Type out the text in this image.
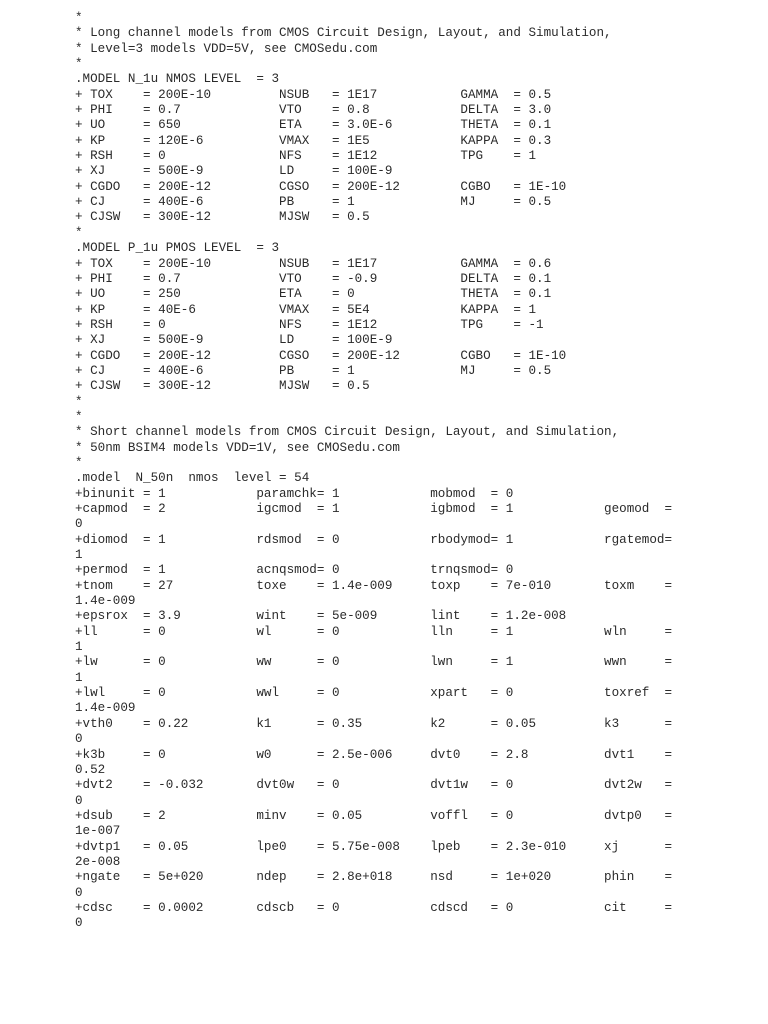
*
* Long channel models from CMOS Circuit Design, Layout, and Simulation,
* Level=3 models VDD=5V, see CMOSedu.com
*
.MODEL N_1u NMOS LEVEL  = 3
+ TOX    = 200E-10         NSUB   = 1E17           GAMMA  = 0.5
+ PHI    = 0.7             VTO    = 0.8            DELTA  = 3.0
+ UO     = 650             ETA    = 3.0E-6         THETA  = 0.1
+ KP     = 120E-6          VMAX   = 1E5            KAPPA  = 0.3
+ RSH    = 0               NFS    = 1E12           TPG    = 1
+ XJ     = 500E-9          LD     = 100E-9
+ CGDO   = 200E-12         CGSO   = 200E-12        CGBO   = 1E-10
+ CJ     = 400E-6          PB     = 1              MJ     = 0.5
+ CJSW   = 300E-12         MJSW   = 0.5
*
.MODEL P_1u PMOS LEVEL  = 3
+ TOX    = 200E-10         NSUB   = 1E17           GAMMA  = 0.6
+ PHI    = 0.7             VTO    = -0.9           DELTA  = 0.1
+ UO     = 250             ETA    = 0              THETA  = 0.1
+ KP     = 40E-6           VMAX   = 5E4            KAPPA  = 1
+ RSH    = 0               NFS    = 1E12           TPG    = -1
+ XJ     = 500E-9          LD     = 100E-9
+ CGDO   = 200E-12         CGSO   = 200E-12        CGBO   = 1E-10
+ CJ     = 400E-6          PB     = 1              MJ     = 0.5
+ CJSW   = 300E-12         MJSW   = 0.5
*
*
* Short channel models from CMOS Circuit Design, Layout, and Simulation,
* 50nm BSIM4 models VDD=1V, see CMOSedu.com
*
.model  N_50n  nmos  level = 54
+binunit = 1            paramchk= 1            mobmod  = 0
+capmod  = 2            igcmod  = 1            igbmod  = 1            geomod  =
0
+diomod  = 1            rdsmod  = 0            rbodymod= 1            rgatemod=
1
+permod  = 1            acnqsmod= 0            trnqsmod= 0
+tnom    = 27           toxe    = 1.4e-009     toxp    = 7e-010       toxm    =
1.4e-009
+epsrox  = 3.9          wint    = 5e-009       lint    = 1.2e-008
+ll      = 0            wl      = 0            lln     = 1            wln     =
1
+lw      = 0            ww      = 0            lwn     = 1            wwn     =
1
+lwl     = 0            wwl     = 0            xpart   = 0            toxref  =
1.4e-009
+vth0    = 0.22         k1      = 0.35         k2      = 0.05         k3      =
0
+k3b     = 0            w0      = 2.5e-006     dvt0    = 2.8          dvt1    =
0.52
+dvt2    = -0.032       dvt0w   = 0            dvt1w   = 0            dvt2w   =
0
+dsub    = 2            minv    = 0.05         voffl   = 0            dvtp0   =
1e-007
+dvtp1   = 0.05         lpe0    = 5.75e-008    lpeb    = 2.3e-010     xj      =
2e-008
+ngate   = 5e+020       ndep    = 2.8e+018     nsd     = 1e+020       phin    =
0
+cdsc    = 0.0002       cdscb   = 0            cdscd   = 0            cit     =
0
